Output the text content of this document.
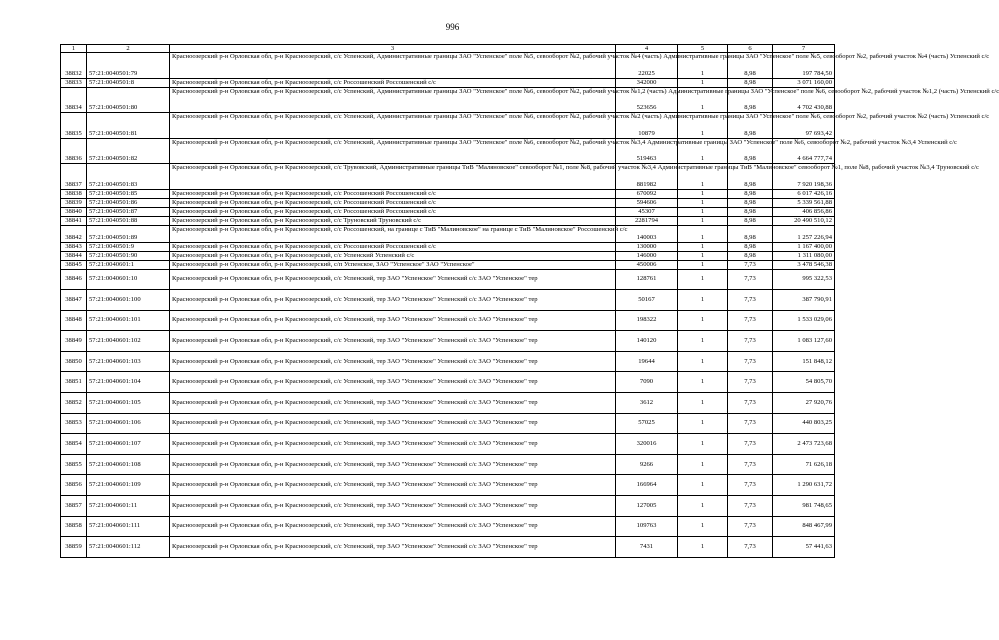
996
1	2	3	4	5	6	7
38832	57:21:0040501:79	Красноозерский р-н Орловская обл, р-н Красноозерский, с/с Успенский, Административные границы ЗАО "Успенское" поле №5, севооборот №2, рабочий участок №4 (часть) Административные границы ЗАО "Успенское" поле №5, севооборот №2, рабочий участок №4 (часть) Успенский с/с	22025	1	8,98	197 784,50
38833	57:21:0040501:8	Красноозерский р-н Орловская обл, р-н Красноозерский, с/с Россошенский Россошенский с/с	342000	1	8,98	3 071 160,00
38834	57:21:0040501:80	Красноозерский р-н Орловская обл, р-н Красноозерский, с/с Успенский, Административные границы ЗАО "Успенское" поле №6, севооборот №2, рабочий участок №1,2 (часть) Административные границы ЗАО "Успенское" поле №6, севооборот №2, рабочий участок №1,2 (часть) Успенский с/с	523656	1	8,98	4 702 430,88
38835	57:21:0040501:81	Красноозерский р-н Орловская обл, р-н Красноозерский, с/с Успенский, Административные границы ЗАО "Успенское" поле №6, севооборот №2, рабочий участок №2 (часть) Административные границы ЗАО "Успенское" поле №6, севооборот №2, рабочий участок №2 (часть) Успенский с/с	10879	1	8,98	97 693,42
38836	57:21:0040501:82	Красноозерский р-н Орловская обл, р-н Красноозерский, с/с Успенский, Административные границы ЗАО "Успенское" поле №6, севооборот №2, рабочий участок №3,4 Административные границы ЗАО "Успенское" поле №6, севооборот №2, рабочий участок №3,4 Успенский с/с	519463	1	8,98	4 664 777,74
38837	57:21:0040501:83	Красноозерский р-н Орловская обл, р-н Красноозерский, с/с Трувовский, Административные границы ТиВ "Маляновское" севооборот №1, поле №8, рабочий участок №3,4 Административные границы ТиВ "Малиновское" севооборот №1, поле №8, рабочий участок №3,4 Труновский с/с	881982	1	8,98	7 920 198,36
38838	57:21:0040501:85	Красноозерский р-н Орловская обл, р-н Красноозерский, с/с Россошенский Россошенский с/с	670092	1	8,98	6 017 426,16
38839	57:21:0040501:86	Красноозерский р-н Орловская обл, р-н Красноозерский, с/с Россошенский Россошенский с/с	594606	1	8,98	5 339 561,88
38840	57:21:0040501:87	Красноозерский р-н Орловская обл, р-н Красноозерский, с/с Россошенский Россошенский с/с	45307	1	8,98	406 856,86
38841	57:21:0040501:88	Красноозерский р-н Орловская обл, р-н Красноозерский, с/с Труновский Труновский с/с	2281794	1	8,98	20 490 510,12
38842	57:21:0040501:89	Красноозерский р-н Орловская обл, р-н Красноозерский, с/с Россошенский, на границе с ТиВ "Малиновское" на границе с ТиВ "Малиновское" Россошенский с/с	140003	1	8,98	1 257 226,94
38843	57:21:0040501:9	Красноозерский р-н Орловская обл, р-н Красноозерский, с/с Россошенский Россошенский с/с	130000	1	8,98	1 167 400,00
38844	57:21:0040501:90	Красноозерский р-н Орловская обл, р-н Красноозерский, с/с Успенский Успенский с/с	146000	1	8,98	1 311 080,00
38845	57:21:0040601:1	Красноозерский р-н Орловская обл, р-н Красноозерский, с/п Успенское, ЗАО "Успенское" ЗАО "Успенское"	450006	1	7,73	3 478 546,38
38846	57:21:0040601:10	Красноозерский р-н Орловская обл, р-н Красноозерский, с/с Успенский, тер ЗАО "Успенское" Успенский с/с ЗАО "Успенское" тер	128761	1	7,73	995 322,53
38847	57:21:0040601:100	Красноозерский р-н Орловская обл, р-н Красноозерский, с/с Успенский, тер ЗАО "Успенское" Успенский с/с ЗАО "Успенское" тер	50167	1	7,73	387 790,91
38848	57:21:0040601:101	Красноозерский р-н Орловская обл, р-н Красноозерский, с/с Успенский, тер ЗАО "Успенское" Успенский с/с ЗАО "Успенское" тер	198322	1	7,73	1 533 029,06
38849	57:21:0040601:102	Красноозерский р-н Орловская обл, р-н Красноозерский, с/с Успенский, тер ЗАО "Успенское" Успенский с/с ЗАО "Успенское" тер	140120	1	7,73	1 083 127,60
38850	57:21:0040601:103	Красноозерский р-н Орловская обл, р-н Красноозерский, с/с Успенский, тер ЗАО "Успенское" Успенский с/с ЗАО "Успенское" тер	19644	1	7,73	151 848,12
38851	57:21:0040601:104	Красноозерский р-н Орловская обл, р-н Красноозерский, с/с Успенский, тер ЗАО "Успенское" Успенский с/с ЗАО "Успенское" тер	7090	1	7,73	54 805,70
38852	57:21:0040601:105	Красноозерский р-н Орловская обл, р-н Красноозерский, с/с Успенский, тер ЗАО "Успенское" Успенский с/с ЗАО "Успенское" тер	3612	1	7,73	27 920,76
38853	57:21:0040601:106	Красноозерский р-н Орловская обл, р-н Красноозерский, с/с Успенский, тер ЗАО "Успенское" Успенский с/с ЗАО "Успенское" тер	57025	1	7,73	440 803,25
38854	57:21:0040601:107	Красноозерский р-н Орловская обл, р-н Красноозерский, с/с Успенский, тер ЗАО "Успенское" Успенский с/с ЗАО "Успенское" тер	320016	1	7,73	2 473 723,68
38855	57:21:0040601:108	Красноозерский р-н Орловская обл, р-н Красноозерский, с/с Успенский, тер ЗАО "Успенское" Успенский с/с ЗАО "Успенское" тер	9266	1	7,73	71 626,18
38856	57:21:0040601:109	Красноозерский р-н Орловская обл, р-н Красноозерский, с/с Успенский, тер ЗАО "Успенское" Успенский с/с ЗАО "Успенское" тер	166964	1	7,73	1 290 631,72
38857	57:21:0040601:11	Красноозерский р-н Орловская обл, р-н Красноозерский, с/с Успенский, тер ЗАО "Успенское" Успенский с/с ЗАО "Успенское" тер	127005	1	7,73	981 748,65
38858	57:21:0040601:111	Красноозерский р-н Орловская обл, р-н Красноозерский, с/с Успенский, тер ЗАО "Успенское" Успенский с/с ЗАО "Успенское" тер	109763	1	7,73	848 467,99
38859	57:21:0040601:112	Красноозерский р-н Орловская обл, р-н Красноозерский, с/с Успенский, тер ЗАО "Успенское" Успенский с/с ЗАО "Успенское" тер	7431	1	7,73	57 441,63
